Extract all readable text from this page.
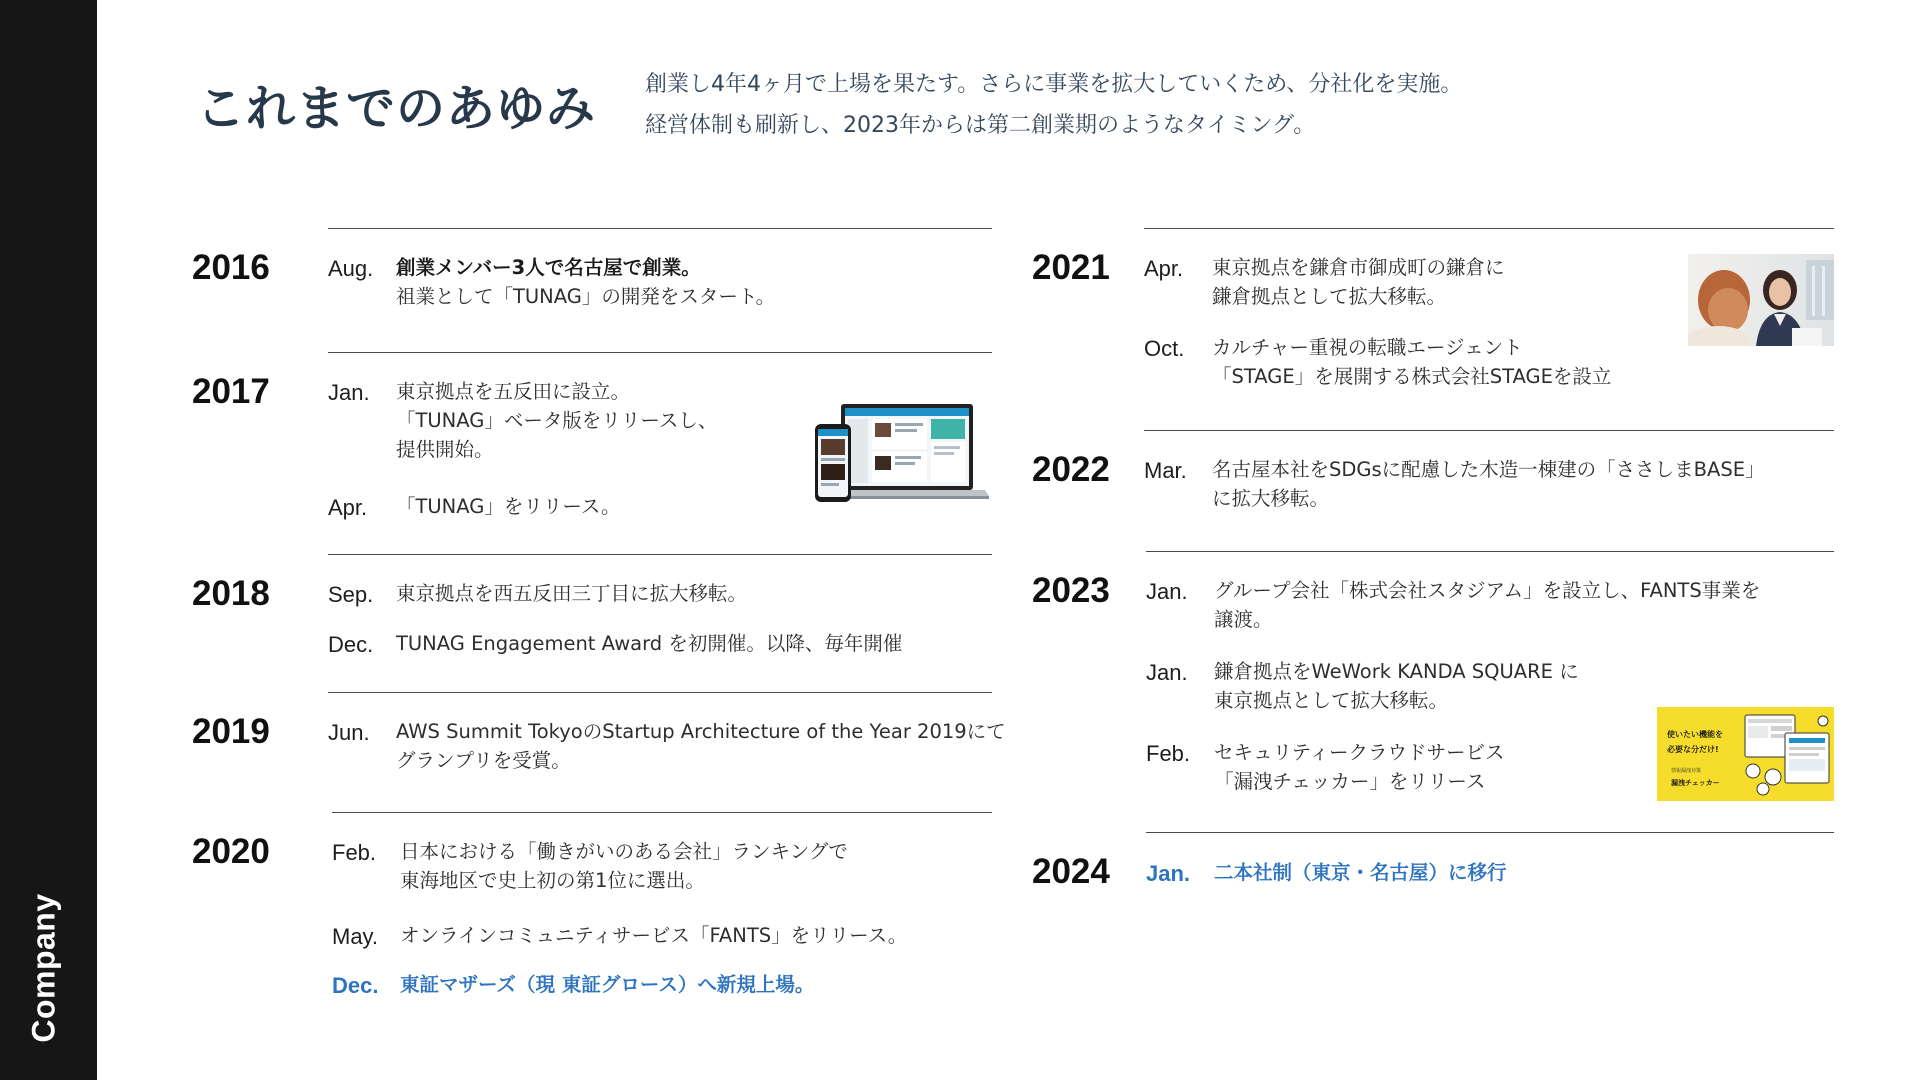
Company
これまでのあゆみ 創業し4年4ヶ月で上場を果たす。さらに事業を拡大していくため、分社化を実施。
経営体制も刷新し、2023年からは第二創業期のようなタイミング。
2016	Aug.	創業メンバー3人で名古屋で創業。
祖業として「TUNAG」の開発をスタート。
2017	Jan.	東京拠点を五反田に設立。
「TUNAG」ベータ版をリリースし、
提供開始。
Apr.	「TUNAG」をリリース。
2018	Sep.	東京拠点を西五反田三丁目に拡大移転。
Dec.	TUNAG Engagement Award を初開催。以降、毎年開催
2019	Jun.	AWS Summit TokyoのStartup Architecture of the Year 2019にて
グランプリを受賞。
2020	Feb.	日本における「働きがいのある会社」ランキングで
東海地区で史上初の第1位に選出。
May.	オンラインコミュニティサービス「FANTS」をリリース。
Dec.	東証マザーズ（現 東証グロース）へ新規上場。
2021 Apr.	東京拠点を鎌倉市御成町の鎌倉に
鎌倉拠点として拡大移転。
Oct.	カルチャー重視の転職エージェント
「STAGE」を展開する株式会社STAGEを設立
2022 Mar.	名古屋本社をSDGsに配慮した木造一棟建の「ささしまBASE」
に拡大移転。
2023 Jan.	グループ会社「株式会社スタジアム」を設立し、FANTS事業を
譲渡。
Jan.	鎌倉拠点をWeWork KANDA SQUARE に
東京拠点として拡大移転。
Feb.	セキュリティークラウドサービス
「漏洩チェッカー」をリリース
使いたい機能を
必要な分だけ!
情報漏洩対策
漏洩チェッカー
2024 Jan.	二本社制（東京・名古屋）に移行
